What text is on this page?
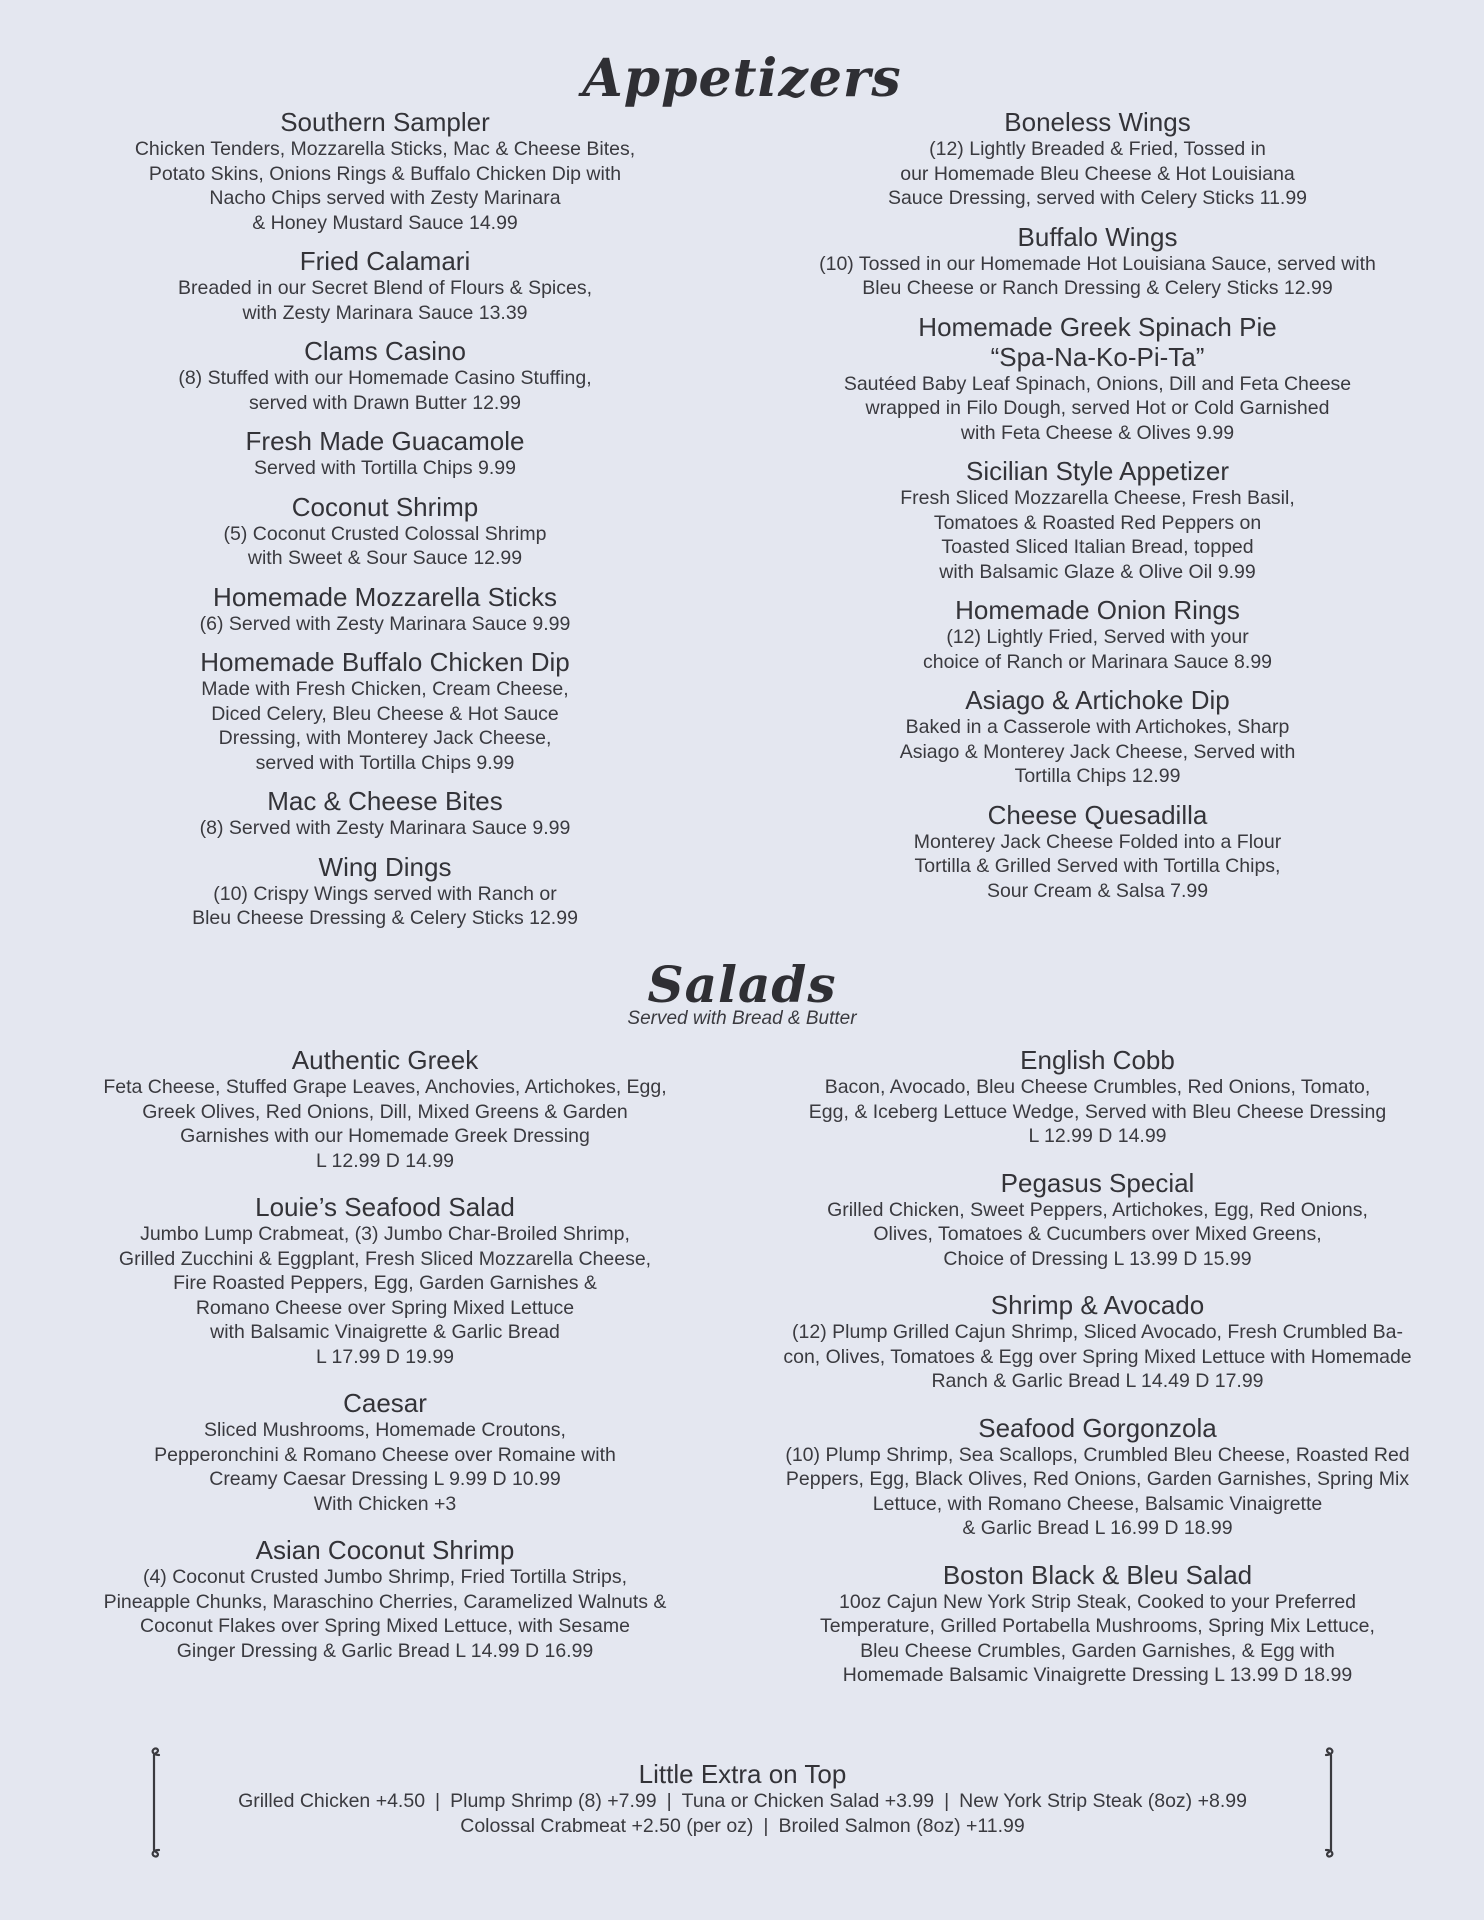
Appetizers
Southern Sampler

Chicken Tenders, Mozzarella Sticks, Mac & Cheese Bites,
Potato Skins, Onions Rings & Buffalo Chicken Dip with
Nacho Chips served with Zesty Marinara
& Honey Mustard Sauce 14.99

Fried Calamari

Breaded in our Secret Blend of Flours & Spices,
with Zesty Marinara Sauce 13.39

Clams Casino

(8) Stuffed with our Homemade Casino Stuffing,
served with Drawn Butter 12.99

Fresh Made Guacamole

Served with Tortilla Chips 9.99

Coconut Shrimp

(5) Coconut Crusted Colossal Shrimp
with Sweet & Sour Sauce 12.99

Homemade Mozzarella Sticks

(6) Served with Zesty Marinara Sauce 9.99

Homemade Buffalo Chicken Dip

Made with Fresh Chicken, Cream Cheese,
Diced Celery, Bleu Cheese & Hot Sauce
Dressing, with Monterey Jack Cheese,
served with Tortilla Chips 9.99

Mac & Cheese Bites

(8) Served with Zesty Marinara Sauce 9.99

Wing Dings

(10) Crispy Wings served with Ranch or
Bleu Cheese Dressing & Celery Sticks 12.99

Boneless Wings

(12) Lightly Breaded & Fried, Tossed in
our Homemade Bleu Cheese & Hot Louisiana
Sauce Dressing, served with Celery Sticks 11.99

Buffalo Wings

(10) Tossed in our Homemade Hot Louisiana Sauce, served with
Bleu Cheese or Ranch Dressing & Celery Sticks 12.99

Homemade Greek Spinach Pie
“Spa-Na-Ko-Pi-Ta”

Sautéed Baby Leaf Spinach, Onions, Dill and Feta Cheese
wrapped in Filo Dough, served Hot or Cold Garnished
with Feta Cheese & Olives 9.99

Sicilian Style Appetizer

Fresh Sliced Mozzarella Cheese, Fresh Basil,
Tomatoes & Roasted Red Peppers on
Toasted Sliced Italian Bread, topped
with Balsamic Glaze & Olive Oil 9.99

Homemade Onion Rings

(12) Lightly Fried, Served with your
choice of Ranch or Marinara Sauce 8.99

Asiago & Artichoke Dip

Baked in a Casserole with Artichokes, Sharp
Asiago & Monterey Jack Cheese, Served with
Tortilla Chips 12.99

Cheese Quesadilla

Monterey Jack Cheese Folded into a Flour
Tortilla & Grilled Served with Tortilla Chips,
Sour Cream & Salsa 7.99

Salads
Served with Bread & Butter
Authentic Greek

Feta Cheese, Stuffed Grape Leaves, Anchovies, Artichokes, Egg,
Greek Olives, Red Onions, Dill, Mixed Greens & Garden
Garnishes with our Homemade Greek Dressing
L 12.99 D 14.99

Louie’s Seafood Salad

Jumbo Lump Crabmeat, (3) Jumbo Char-Broiled Shrimp,
Grilled Zucchini & Eggplant, Fresh Sliced Mozzarella Cheese,
Fire Roasted Peppers, Egg, Garden Garnishes &
Romano Cheese over Spring Mixed Lettuce
with Balsamic Vinaigrette & Garlic Bread
L 17.99 D 19.99

Caesar

Sliced Mushrooms, Homemade Croutons,
Pepperonchini & Romano Cheese over Romaine with
Creamy Caesar Dressing L 9.99 D 10.99
With Chicken +3

Asian Coconut Shrimp

(4) Coconut Crusted Jumbo Shrimp, Fried Tortilla Strips,
Pineapple Chunks, Maraschino Cherries, Caramelized Walnuts &
Coconut Flakes over Spring Mixed Lettuce, with Sesame
Ginger Dressing & Garlic Bread L 14.99 D 16.99

English Cobb

Bacon, Avocado, Bleu Cheese Crumbles, Red Onions, Tomato,
Egg, & Iceberg Lettuce Wedge, Served with Bleu Cheese Dressing
L 12.99 D 14.99

Pegasus Special

Grilled Chicken, Sweet Peppers, Artichokes, Egg, Red Onions,
Olives, Tomatoes & Cucumbers over Mixed Greens,
Choice of Dressing L 13.99 D 15.99

Shrimp & Avocado

(12) Plump Grilled Cajun Shrimp, Sliced Avocado, Fresh Crumbled Ba-
con, Olives, Tomatoes & Egg over Spring Mixed Lettuce with Homemade
Ranch & Garlic Bread L 14.49 D 17.99

Seafood Gorgonzola

(10) Plump Shrimp, Sea Scallops, Crumbled Bleu Cheese, Roasted Red
Peppers, Egg, Black Olives, Red Onions, Garden Garnishes, Spring Mix
Lettuce, with Romano Cheese, Balsamic Vinaigrette
& Garlic Bread L 16.99 D 18.99

Boston Black & Bleu Salad

10oz Cajun New York Strip Steak, Cooked to your Preferred
Temperature, Grilled Portabella Mushrooms, Spring Mix Lettuce,
Bleu Cheese Crumbles, Garden Garnishes, & Egg with
Homemade Balsamic Vinaigrette Dressing L 13.99 D 18.99

Little Extra on Top

Grilled Chicken +4.50 | Plump Shrimp (8) +7.99 | Tuna or Chicken Salad +3.99 | New York Strip Steak (8oz) +8.99

Colossal Crabmeat +2.50 (per oz) | Broiled Salmon (8oz) +11.99
